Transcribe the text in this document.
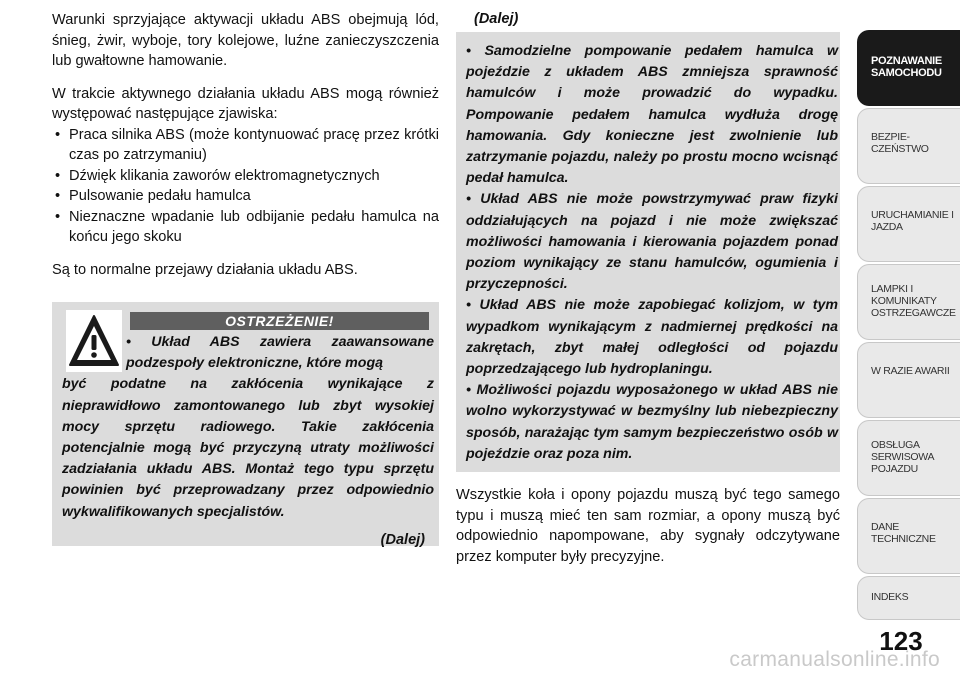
Warunki sprzyjające aktywacji układu ABS obejmują lód, śnieg, żwir, wyboje, tory kolejowe, luźne zanieczyszczenia lub gwałtowne hamowanie.

W trakcie aktywnego działania układu ABS mogą również występować następujące zjawiska:

• Praca silnika ABS (może kontynuować pracę przez krótki czas po zatrzymaniu)
• Dźwięk klikania zaworów elektromagnetycznych
• Pulsowanie pedału hamulca
• Nieznaczne wpadanie lub odbijanie pedału hamulca na końcu jego skoku

Są to normalne przejawy działania układu ABS.

OSTRZEŻENIE!
• Układ ABS zawiera zaawansowane podzespoły elektroniczne, które mogą
być podatne na zakłócenia wynikające z nieprawidłowo zamontowanego lub zbyt wysokiej mocy sprzętu radiowego. Takie zakłócenia potencjalnie mogą być przyczyną utraty możliwości zadziałania układu ABS. Montaż tego typu sprzętu powinien być przeprowadzany przez odpowiednio wykwalifikowanych specjalistów.
(Dalej)
(Dalej)
• Samodzielne pompowanie pedałem hamulca w pojeździe z układem ABS zmniejsza sprawność hamulców i może prowadzić do wypadku. Pompowanie pedałem hamulca wydłuża drogę hamowania. Gdy konieczne jest zwolnienie lub zatrzymanie pojazdu, należy po prostu mocno wcisnąć pedał hamulca.
• Układ ABS nie może powstrzymywać praw fizyki oddziałujących na pojazd i nie może zwiększać możliwości hamowania i kierowania pojazdem ponad poziom wynikający ze stanu hamulców, ogumienia i przyczepności.
• Układ ABS nie może zapobiegać kolizjom, w tym wypadkom wynikającym z nadmiernej prędkości na zakrętach, zbyt małej odległości od pojazdu poprzedzającego lub hydroplaningu.
• Możliwości pojazdu wyposażonego w układ ABS nie wolno wykorzystywać w bezmyślny lub niebezpieczny sposób, narażając tym samym bezpieczeństwo osób w pojeździe oraz poza nim.

Wszystkie koła i opony pojazdu muszą być tego samego typu i muszą mieć ten sam rozmiar, a opony muszą być odpowiednio napompowane, aby sygnały odczytywane przez komputer były precyzyjne.

POZNAWANIE SAMOCHODU
BEZPIE- CZEŃSTWO
URUCHAMIANIE I JAZDA
LAMPKI I KOMUNIKATY OSTRZEGAWCZE
W RAZIE AWARII
OBSŁUGA SERWISOWA POJAZDU
DANE TECHNICZNE
INDEKS
123
carmanualsonline.info
